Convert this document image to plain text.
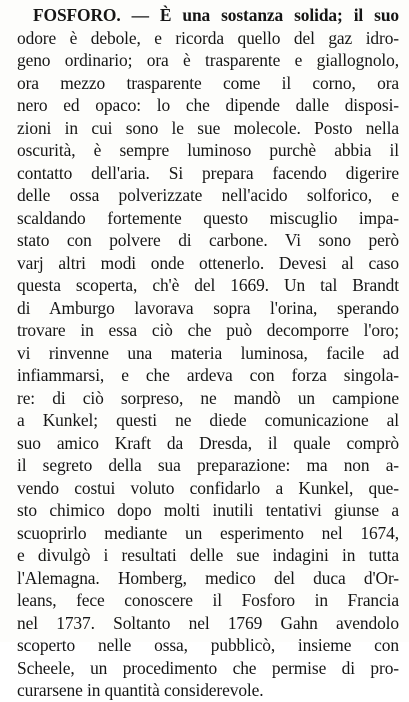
FOSFORO. — È una sostanza solida; il suo
odore è debole, e ricorda quello del gaz idro-
geno ordinario; ora è trasparente e giallognolo,
ora mezzo trasparente come il corno, ora
nero ed opaco: lo che dipende dalle disposi-
zioni in cui sono le sue molecole. Posto nella
oscurità, è sempre luminoso purchè abbia il
contatto dell'aria. Si prepara facendo digerire
delle ossa polverizzate nell'acido solforico, e
scaldando fortemente questo miscuglio impa-
stato con polvere di carbone. Vi sono però
varj altri modi onde ottenerlo. Devesi al caso
questa scoperta, ch'è del 1669. Un tal Brandt
di Amburgo lavorava sopra l'orina, sperando
trovare in essa ciò che può decomporre l'oro;
vi rinvenne una materia luminosa, facile ad
infiammarsi, e che ardeva con forza singola-
re: di ciò sorpreso, ne mandò un campione
a Kunkel; questi ne diede comunicazione al
suo amico Kraft da Dresda, il quale comprò
il segreto della sua preparazione: ma non a-
vendo costui voluto confidarlo a Kunkel, que-
sto chimico dopo molti inutili tentativi giunse a
scuoprirlo mediante un esperimento nel 1674,
e divulgò i resultati delle sue indagini in tutta
l'Alemagna. Homberg, medico del duca d'Or-
leans, fece conoscere il Fosforo in Francia
nel 1737. Soltanto nel 1769 Gahn avendolo
scoperto nelle ossa, pubblicò, insieme con
Scheele, un procedimento che permise di pro-
curarsene in quantità considerevole.
